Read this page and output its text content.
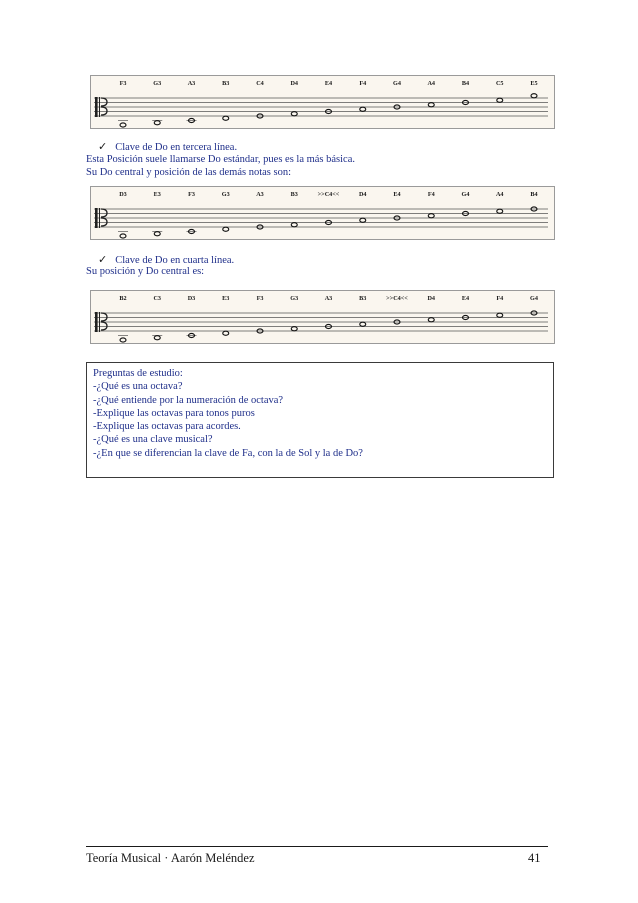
F3	G3	A3	B3	C4	D4	E4	F4	G4	A4	B4	C5	E5
✓ Clave de Do en tercera línea.
Esta Posición suele llamarse Do estándar, pues es la más básica.
Su Do central y posición de las demás notas son:
D3	E3	F3	G3	A3	B3	>>C4<<	D4	E4	F4	G4	A4	B4
✓ Clave de Do en cuarta línea.
Su posición y Do central es:
B2	C3	D3	E3	F3	G3	A3	B3	>>C4<<	D4	E4	F4	G4
Preguntas de estudio:
-¿Qué es una octava?
-¿Qué entiende por la numeración de octava?
-Explique las octavas para tonos puros
-Explique las octavas para acordes.
-¿Qué es una clave musical?
-¿En que se diferencian la clave de Fa, con la de Sol y la de Do?
Teoría Musical · Aarón Meléndez	41
